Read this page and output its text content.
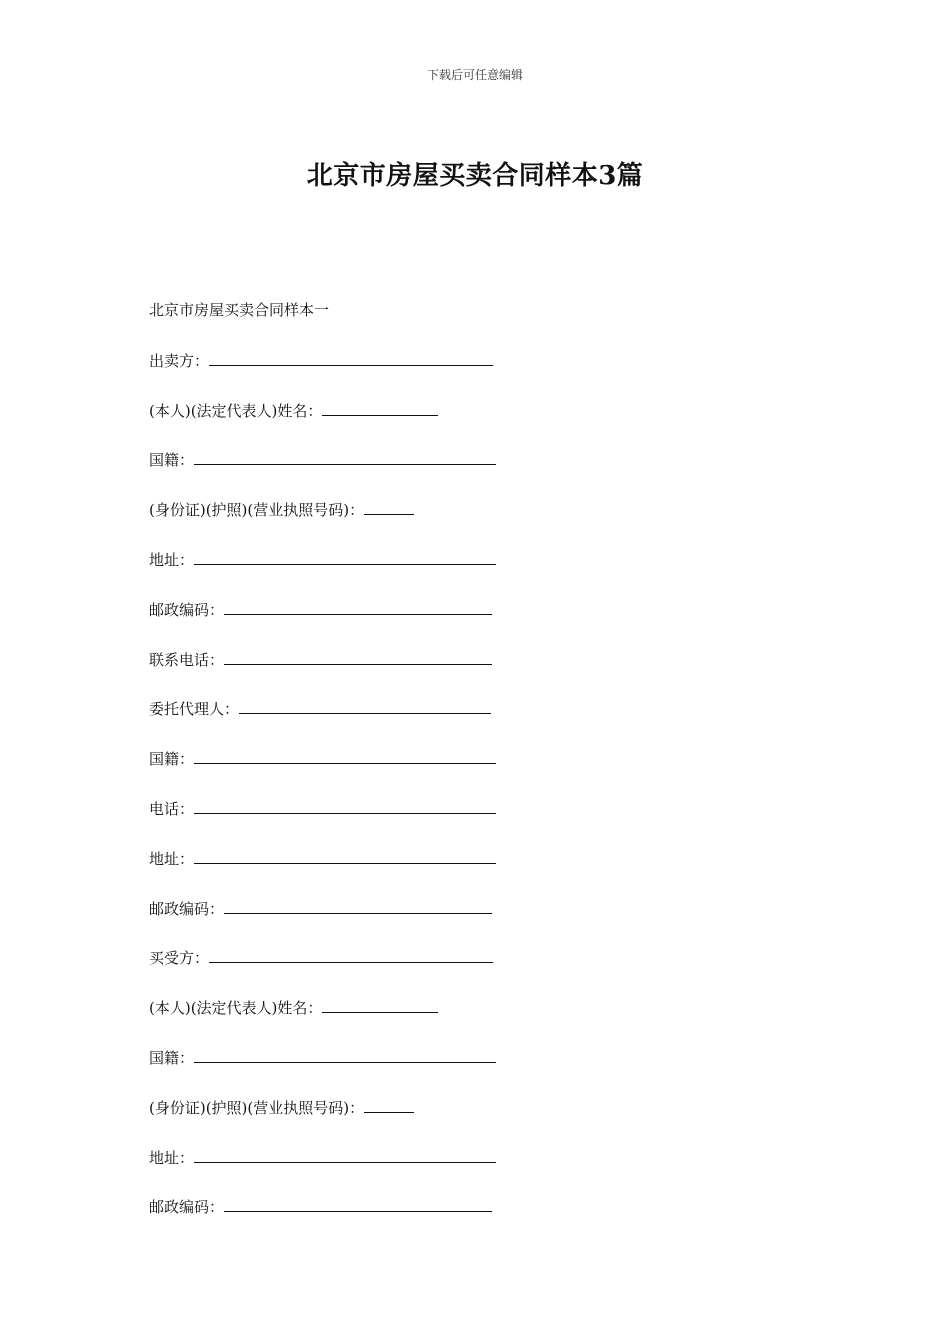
下载后可任意编辑
北京市房屋买卖合同样本3篇
北京市房屋买卖合同样本一
出卖方：
(本人)(法定代表人)姓名：
国籍：
(身份证)(护照)(营业执照号码)：
地址：
邮政编码：
联系电话：
委托代理人：
国籍：
电话：
地址：
邮政编码：
买受方：
(本人)(法定代表人)姓名：
国籍：
(身份证)(护照)(营业执照号码)：
地址：
邮政编码：
